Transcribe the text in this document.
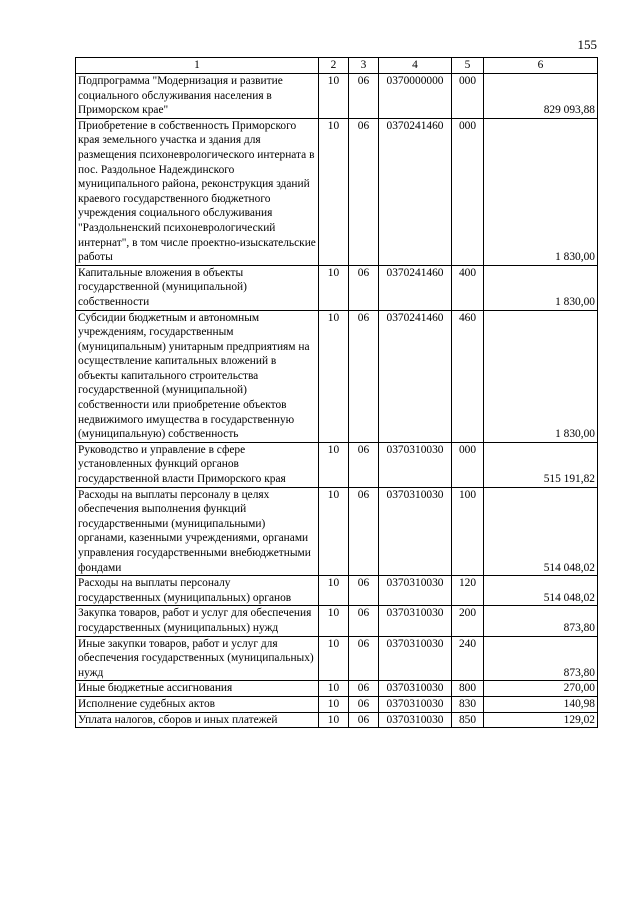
155
1	2	3	4	5	6
Подпрограмма "Модернизация и развитие социального обслуживания населения в Приморском крае"	10	06	0370000000	000	829 093,88
Приобретение в собственность Приморского края земельного участка и здания для размещения психоневрологического интерната в пос. Раздольное Надеждинского муниципального района, реконструкция зданий краевого государственного бюджетного учреждения социального обслуживания "Раздольненский психоневрологический интернат", в том числе проектно-изыскательские работы	10	06	0370241460	000	1 830,00
Капитальные вложения в объекты государственной (муниципальной) собственности	10	06	0370241460	400	1 830,00
Субсидии бюджетным и автономным учреждениям, государственным (муниципальным) унитарным предприятиям на осуществление капитальных вложений в объекты капитального строительства государственной (муниципальной) собственности или приобретение объектов недвижимого имущества в государственную (муниципальную) собственность	10	06	0370241460	460	1 830,00
Руководство и управление в сфере установленных функций органов государственной власти Приморского края	10	06	0370310030	000	515 191,82
Расходы на выплаты персоналу в целях обеспечения выполнения функций государственными (муниципальными) органами, казенными учреждениями, органами управления государственными внебюджетными фондами	10	06	0370310030	100	514 048,02
Расходы на выплаты персоналу государственных (муниципальных) органов	10	06	0370310030	120	514 048,02
Закупка товаров, работ и услуг для обеспечения государственных (муниципальных) нужд	10	06	0370310030	200	873,80
Иные закупки товаров, работ и услуг для обеспечения государственных (муниципальных) нужд	10	06	0370310030	240	873,80
Иные бюджетные ассигнования	10	06	0370310030	800	270,00
Исполнение судебных актов	10	06	0370310030	830	140,98
Уплата налогов, сборов и иных платежей	10	06	0370310030	850	129,02
